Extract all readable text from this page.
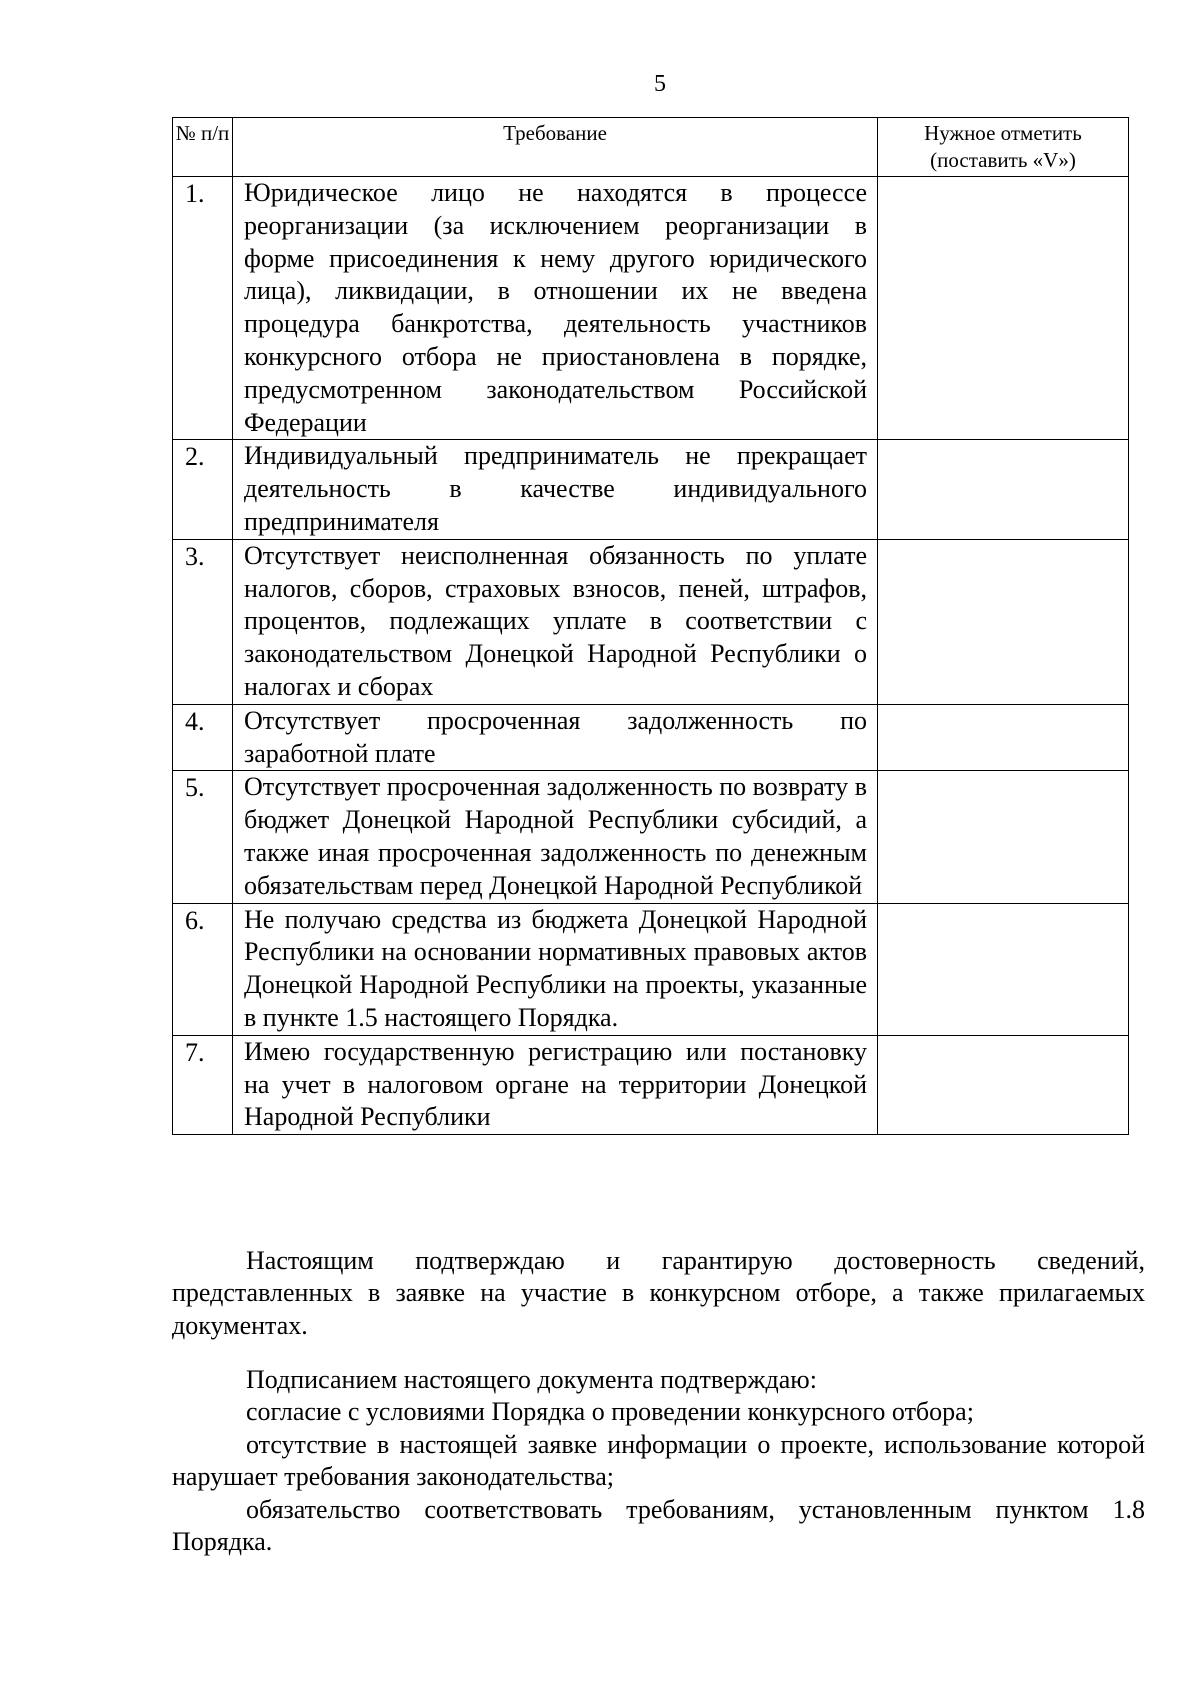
5
№ п/п	Требование	Нужное отметить (поставить «V»)
1.	Юридическое лицо не находятся в процессе реорганизации (за исключением реорганизации в форме присоединения к нему другого юридического лица), ликвидации, в отношении их не введена процедура банкротства, деятельность участников конкурсного отбора не приостановлена в порядке, предусмотренном законодательством Российской Федерации	
2.	Индивидуальный предприниматель не прекращает деятельность в качестве индивидуального предпринимателя	
3.	Отсутствует неисполненная обязанность по уплате налогов, сборов, страховых взносов, пеней, штрафов, процентов, подлежащих уплате в соответствии с законодательством Донецкой Народной Республики о налогах и сборах	
4.	Отсутствует просроченная задолженность по заработной плате	
5.	Отсутствует просроченная задолженность по возврату в бюджет Донецкой Народной Республики субсидий, а также иная просроченная задолженность по денежным обязательствам перед Донецкой Народной Республикой	
6.	Не получаю средства из бюджета Донецкой Народной Республики на основании нормативных правовых актов Донецкой Народной Республики на проекты, указанные в пункте 1.5 настоящего Порядка.	
7.	Имею государственную регистрацию или постановку на учет в налоговом органе на территории Донецкой Народной Республики	

Настоящим подтверждаю и гарантирую достоверность сведений, представленных в заявке на участие в конкурсном отборе, а также прилагаемых документах.

Подписанием настоящего документа подтверждаю:

согласие с условиями Порядка о проведении конкурсного отбора;

отсутствие в настоящей заявке информации о проекте, использование которой нарушает требования законодательства;

обязательство соответствовать требованиям, установленным пунктом 1.8 Порядка.
